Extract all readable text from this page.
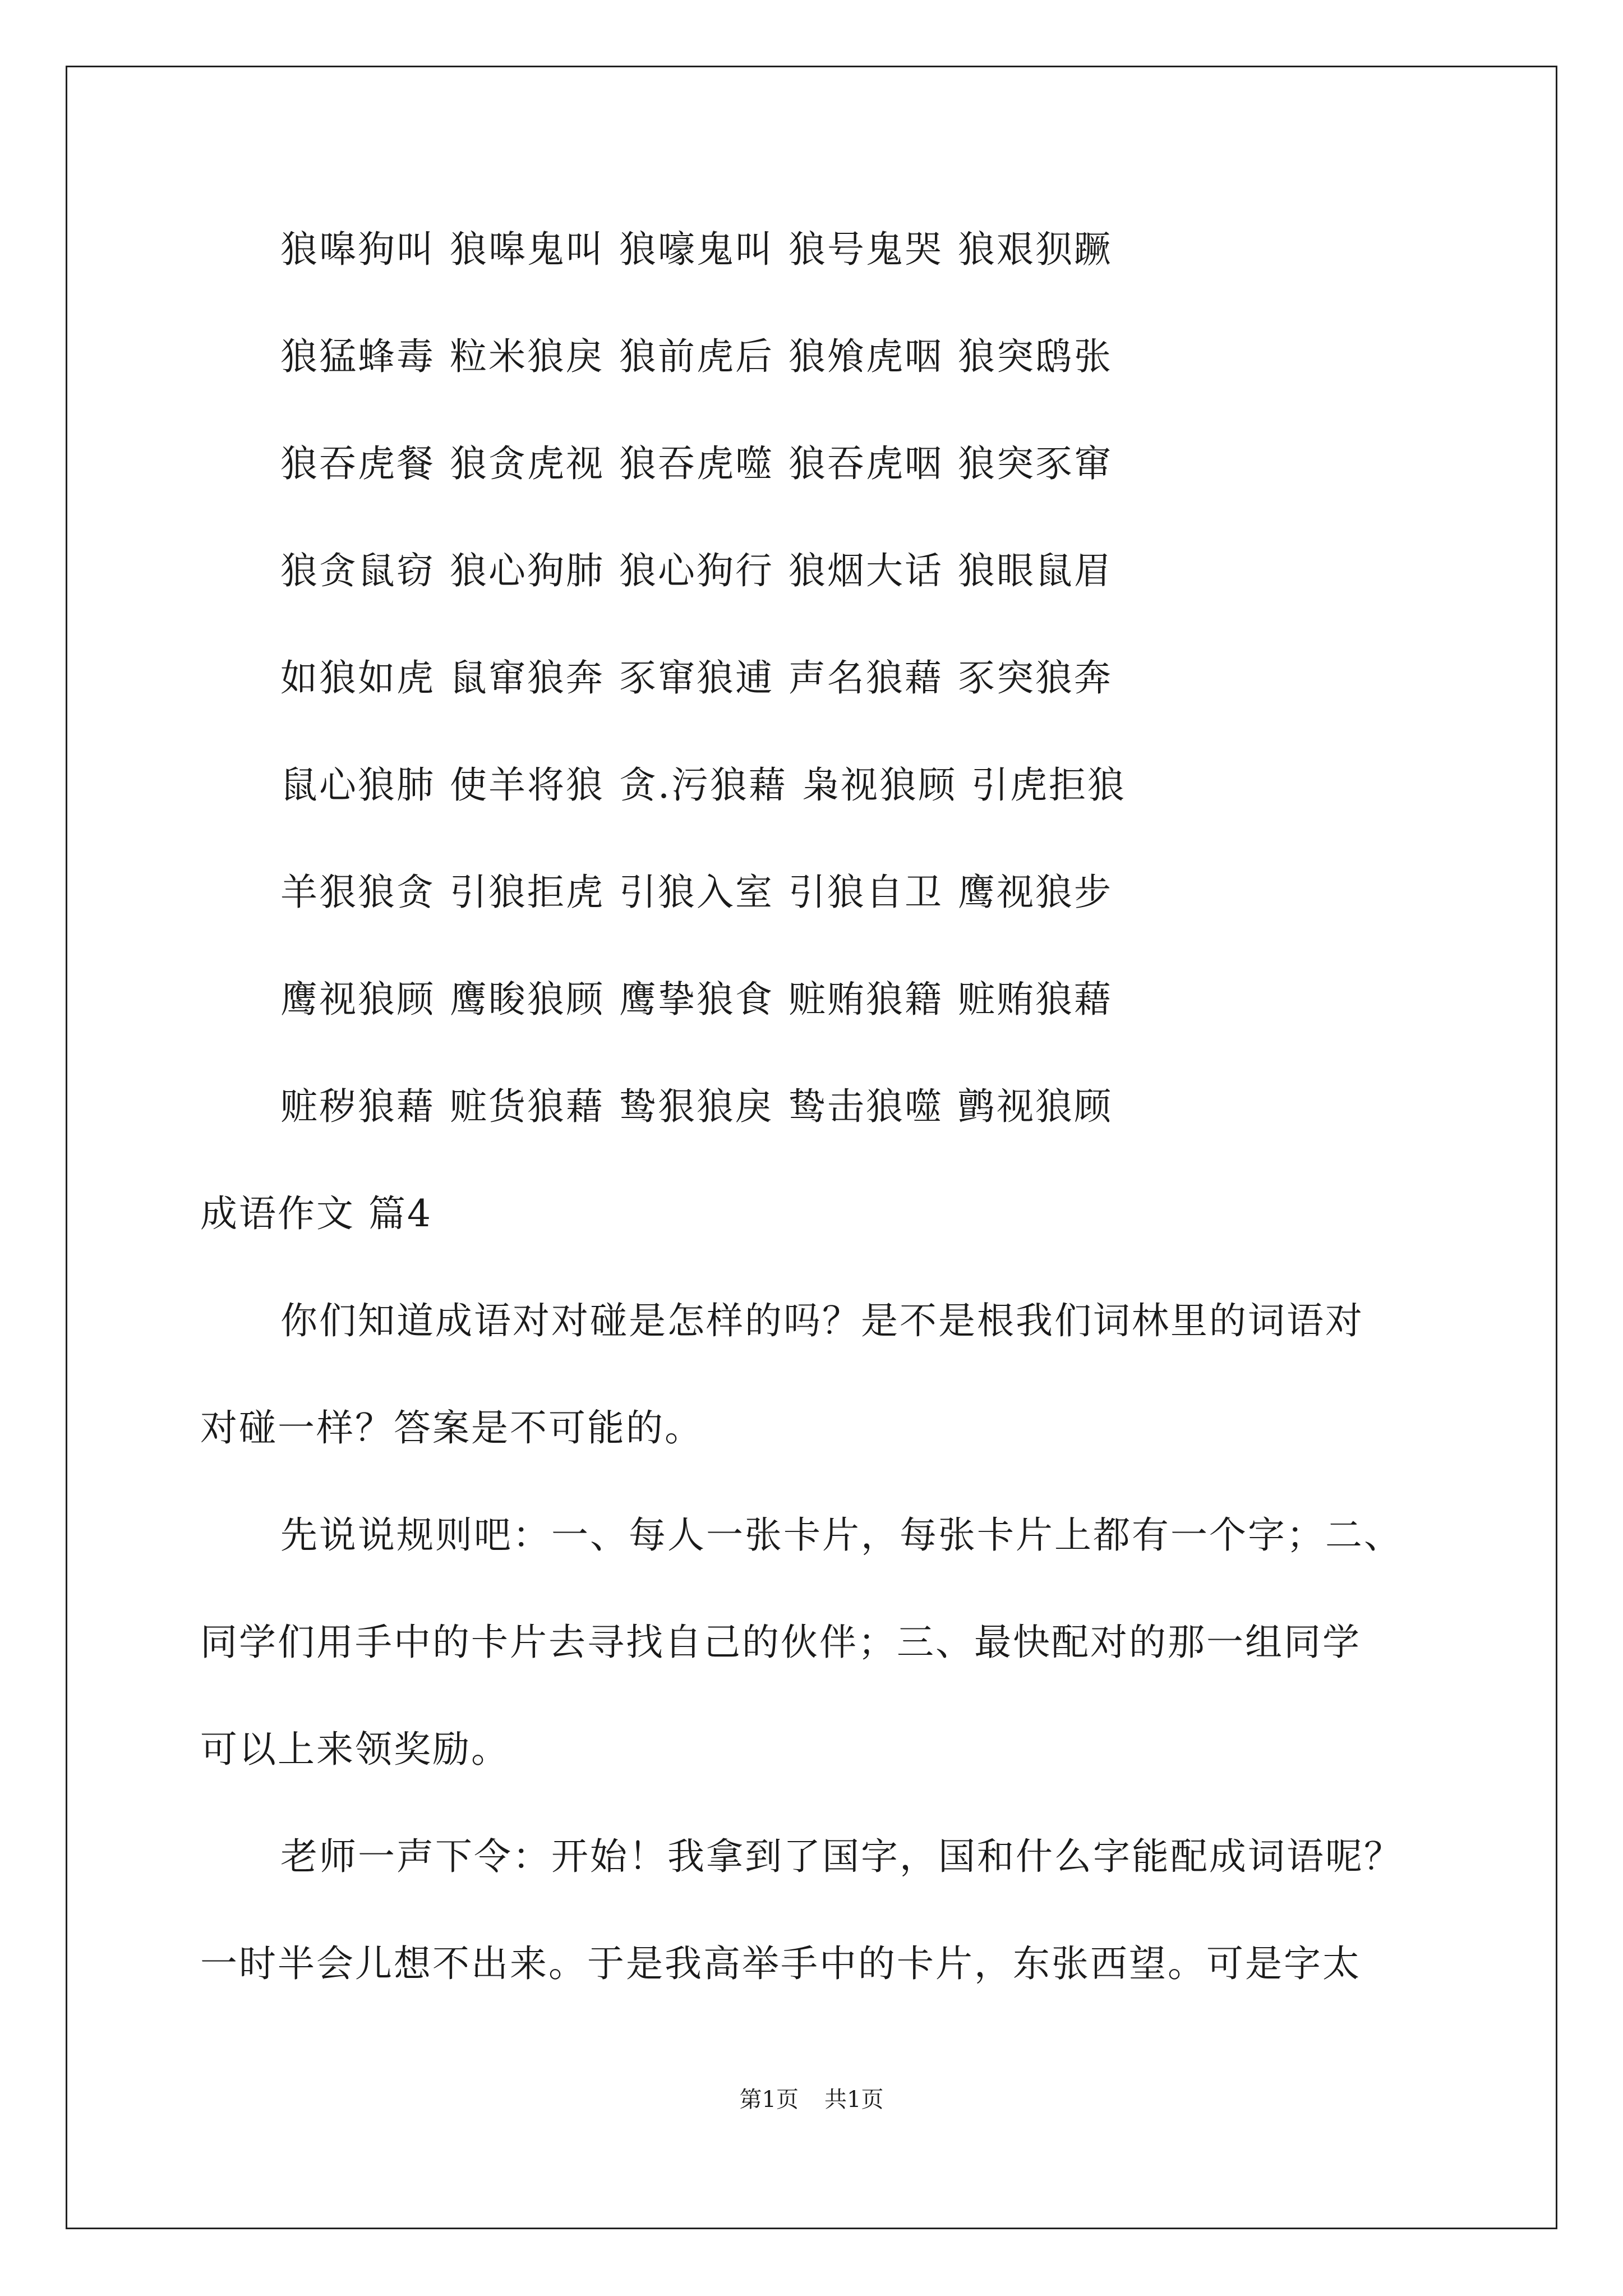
狼嗥狗叫 狼嗥鬼叫 狼嚎鬼叫 狼号鬼哭 狼艰狈蹶
狼猛蜂毒 粒米狼戾 狼前虎后 狼飧虎咽 狼突鸱张
狼吞虎餐 狼贪虎视 狼吞虎噬 狼吞虎咽 狼突豕窜
狼贪鼠窃 狼心狗肺 狼心狗行 狼烟大话 狼眼鼠眉
如狼如虎 鼠窜狼奔 豕窜狼逋 声名狼藉 豕突狼奔
鼠心狼肺 使羊将狼 贪.污狼藉 枭视狼顾 引虎拒狼
羊狠狼贪 引狼拒虎 引狼入室 引狼自卫 鹰视狼步
鹰视狼顾 鹰睃狼顾 鹰挚狼食 赃贿狼籍 赃贿狼藉
赃秽狼藉 赃货狼藉 鸷狠狼戾 鸷击狼噬 鹯视狼顾
成语作文 篇4
你们知道成语对对碰是怎样的吗？是不是根我们词林里的词语对
对碰一样？答案是不可能的。
先说说规则吧：一、每人一张卡片，每张卡片上都有一个字；二、
同学们用手中的卡片去寻找自己的伙伴；三、最快配对的那一组同学
可以上来领奖励。
老师一声下令：开始！我拿到了国字，国和什么字能配成词语呢？
一时半会儿想不出来。于是我高举手中的卡片，东张西望。可是字太
第1页 共1页
